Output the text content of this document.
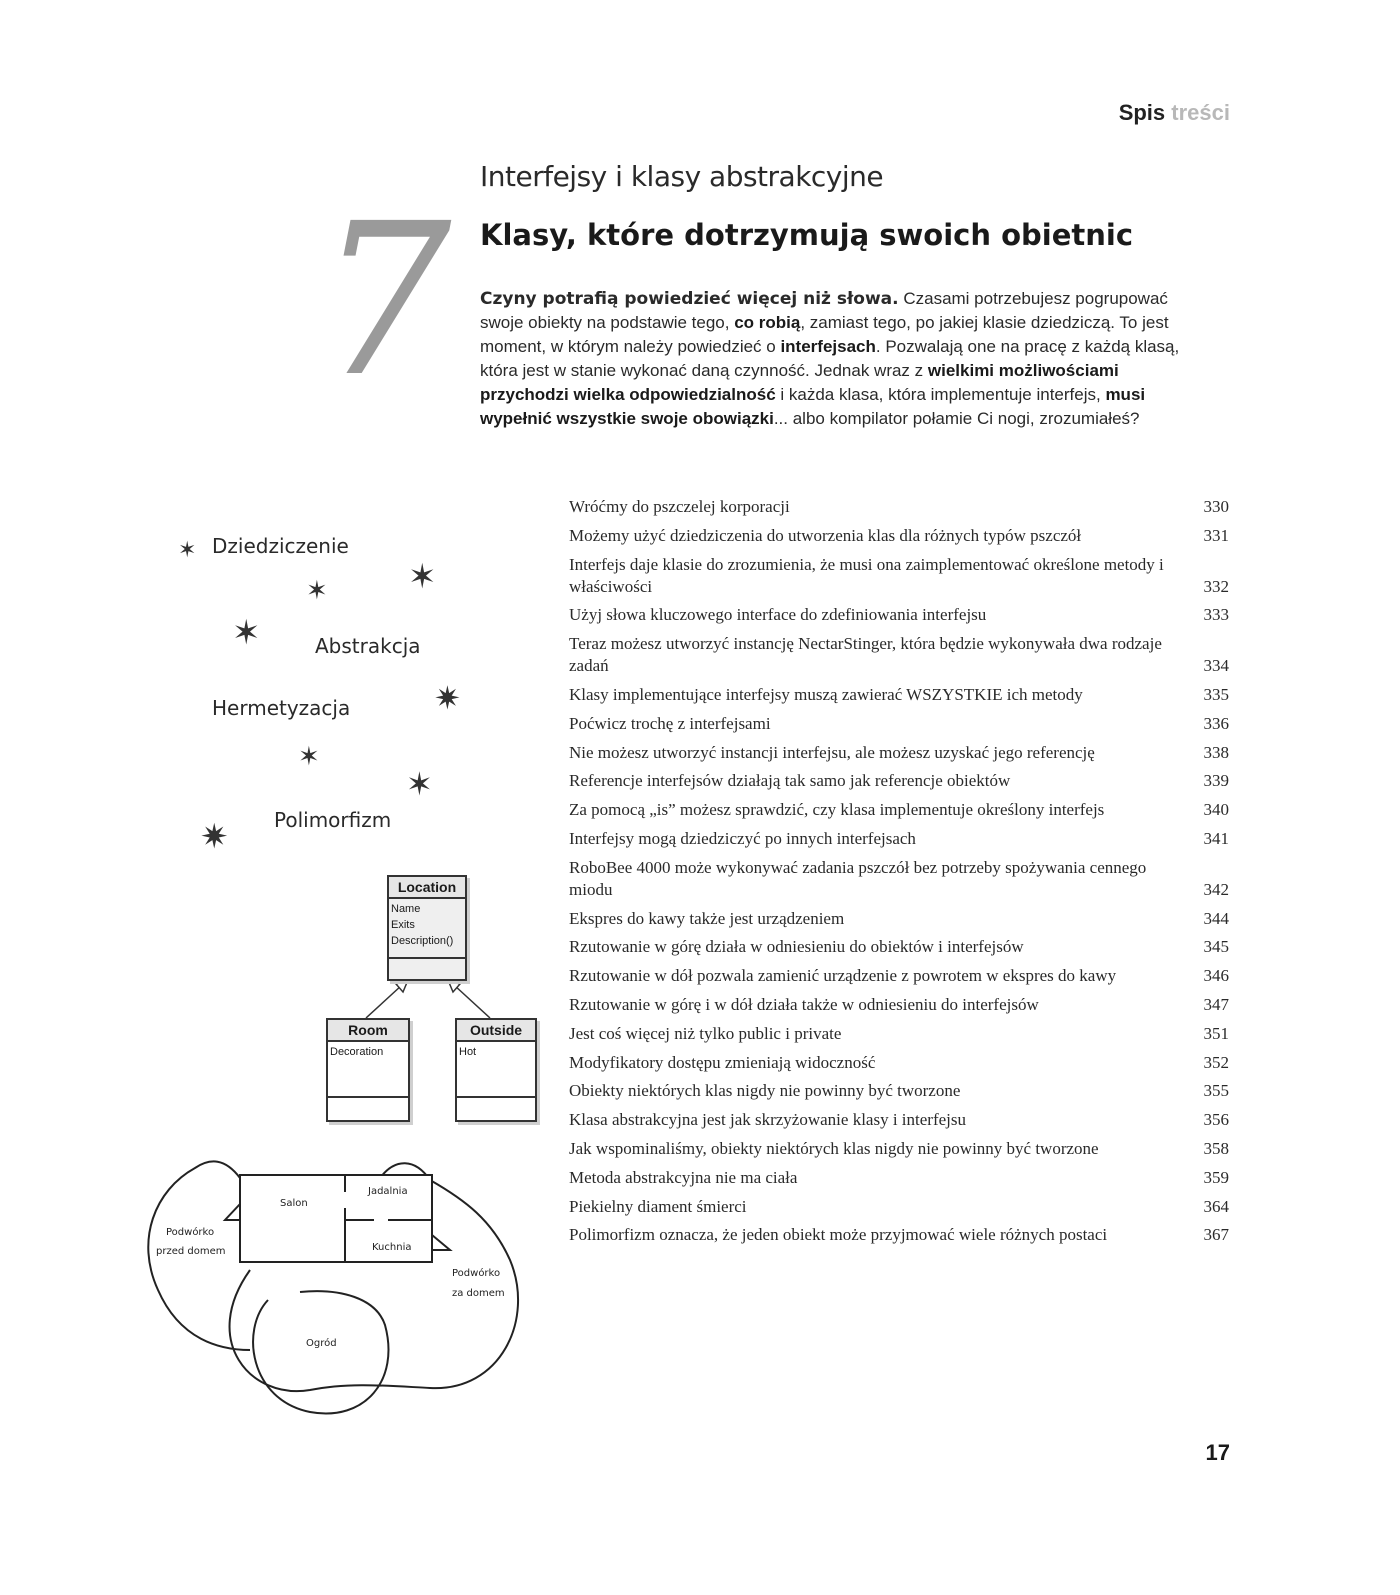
Spis treści
7
Interfejsy i klasy abstrakcyjne
Klasy, które dotrzymują swoich obietnic
Czyny potrafią powiedzieć więcej niż słowa. Czasami potrzebujesz pogrupować swoje obiekty na podstawie tego, co robią, zamiast tego, po jakiej klasie dziedziczą. To jest moment, w którym należy powiedzieć o interfejsach. Pozwalają one na pracę z każdą klasą, która jest w stanie wykonać daną czynność. Jednak wraz z wielkimi możliwościami przychodzi wielka odpowiedzialność i każda klasa, która implementuje interfejs, musi wypełnić wszystkie swoje obowiązki... albo kompilator połamie Ci nogi, zrozumiałeś?
✶ Dziedziczenie
✶
✶
✶	Abstrakcja
✷
Hermetyzacja
✶
✶
Polimorfizm
✷
Location
Name
Exits
Description()
Room
Decoration
Outside
Hot
Salon
Jadalnia
Kuchnia
Podwórko
przed domem
Podwórko
za domem
Ogród
Wróćmy do pszczelej korporacji	330
Możemy użyć dziedziczenia do utworzenia klas dla różnych typów pszczół	331
Interfejs daje klasie do zrozumienia, że musi ona zaimplementować określone metody i właściwości	332
Użyj słowa kluczowego interface do zdefiniowania interfejsu	333
Teraz możesz utworzyć instancję NectarStinger, która będzie wykonywała dwa rodzaje zadań	334
Klasy implementujące interfejsy muszą zawierać WSZYSTKIE ich metody	335
Poćwicz trochę z interfejsami	336
Nie możesz utworzyć instancji interfejsu, ale możesz uzyskać jego referencję	338
Referencje interfejsów działają tak samo jak referencje obiektów	339
Za pomocą „is” możesz sprawdzić, czy klasa implementuje określony interfejs	340
Interfejsy mogą dziedziczyć po innych interfejsach	341
RoboBee 4000 może wykonywać zadania pszczół bez potrzeby spożywania cennego miodu	342
Ekspres do kawy także jest urządzeniem	344
Rzutowanie w górę działa w odniesieniu do obiektów i interfejsów	345
Rzutowanie w dół pozwala zamienić urządzenie z powrotem w ekspres do kawy	346
Rzutowanie w górę i w dół działa także w odniesieniu do interfejsów	347
Jest coś więcej niż tylko public i private	351
Modyfikatory dostępu zmieniają widoczność	352
Obiekty niektórych klas nigdy nie powinny być tworzone	355
Klasa abstrakcyjna jest jak skrzyżowanie klasy i interfejsu	356
Jak wspominaliśmy, obiekty niektórych klas nigdy nie powinny być tworzone	358
Metoda abstrakcyjna nie ma ciała	359
Piekielny diament śmierci	364
Polimorfizm oznacza, że jeden obiekt może przyjmować wiele różnych postaci	367
17
